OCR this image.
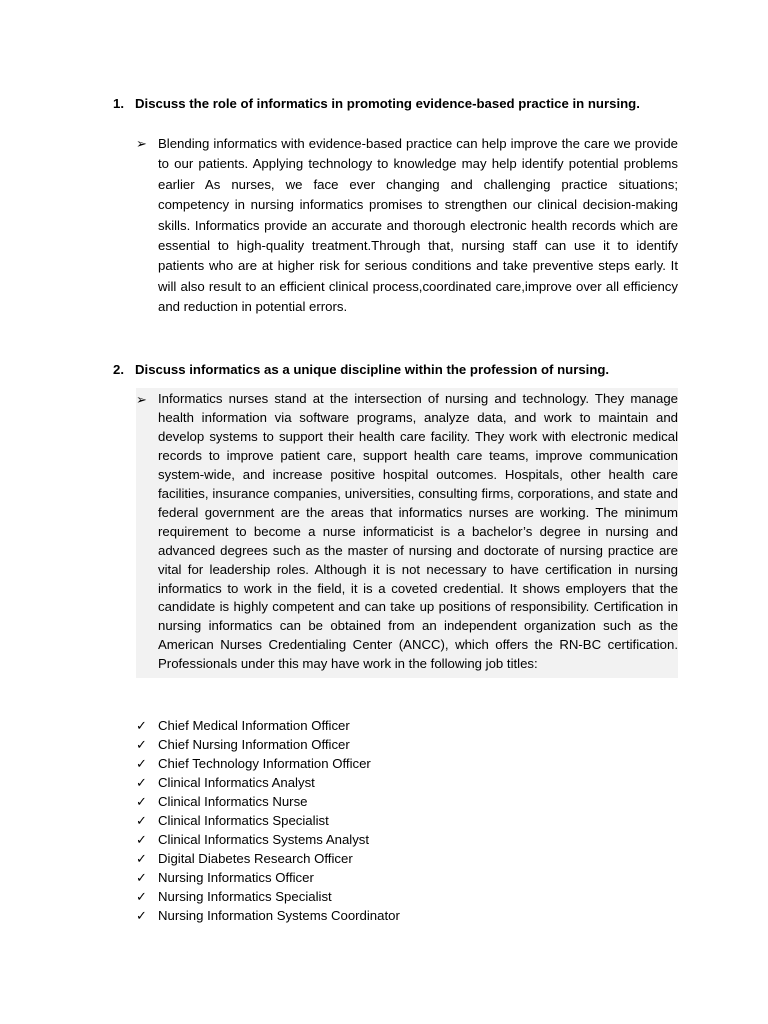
1. Discuss the role of informatics in promoting evidence-based practice in nursing.
➢ Blending informatics with evidence-based practice can help improve the care we provide to our patients. Applying technology to knowledge may help identify potential problems earlier As nurses, we face ever changing and challenging practice situations; competency in nursing informatics promises to strengthen our clinical decision-making skills. Informatics provide an accurate and thorough electronic health records which are essential to high-quality treatment.Through that, nursing staff can use it to identify patients who are at higher risk for serious conditions and take preventive steps early. It will also result to an efficient clinical process,coordinated care,improve over all efficiency and reduction in potential errors.
2. Discuss informatics as a unique discipline within the profession of nursing.
➢ Informatics nurses stand at the intersection of nursing and technology. They manage health information via software programs, analyze data, and work to maintain and develop systems to support their health care facility. They work with electronic medical records to improve patient care, support health care teams, improve communication system-wide, and increase positive hospital outcomes. Hospitals, other health care facilities, insurance companies, universities, consulting firms, corporations, and state and federal government are the areas that informatics nurses are working. The minimum requirement to become a nurse informaticist is a bachelor’s degree in nursing and advanced degrees such as the master of nursing and doctorate of nursing practice are vital for leadership roles. Although it is not necessary to have certification in nursing informatics to work in the field, it is a coveted credential. It shows employers that the candidate is highly competent and can take up positions of responsibility. Certification in nursing informatics can be obtained from an independent organization such as the American Nurses Credentialing Center (ANCC), which offers the RN-BC certification. Professionals under this may have work in the following job titles:
✓ Chief Medical Information Officer
✓ Chief Nursing Information Officer
✓ Chief Technology Information Officer
✓ Clinical Informatics Analyst
✓ Clinical Informatics Nurse
✓ Clinical Informatics Specialist
✓ Clinical Informatics Systems Analyst
✓ Digital Diabetes Research Officer
✓ Nursing Informatics Officer
✓ Nursing Informatics Specialist
✓ Nursing Information Systems Coordinator
